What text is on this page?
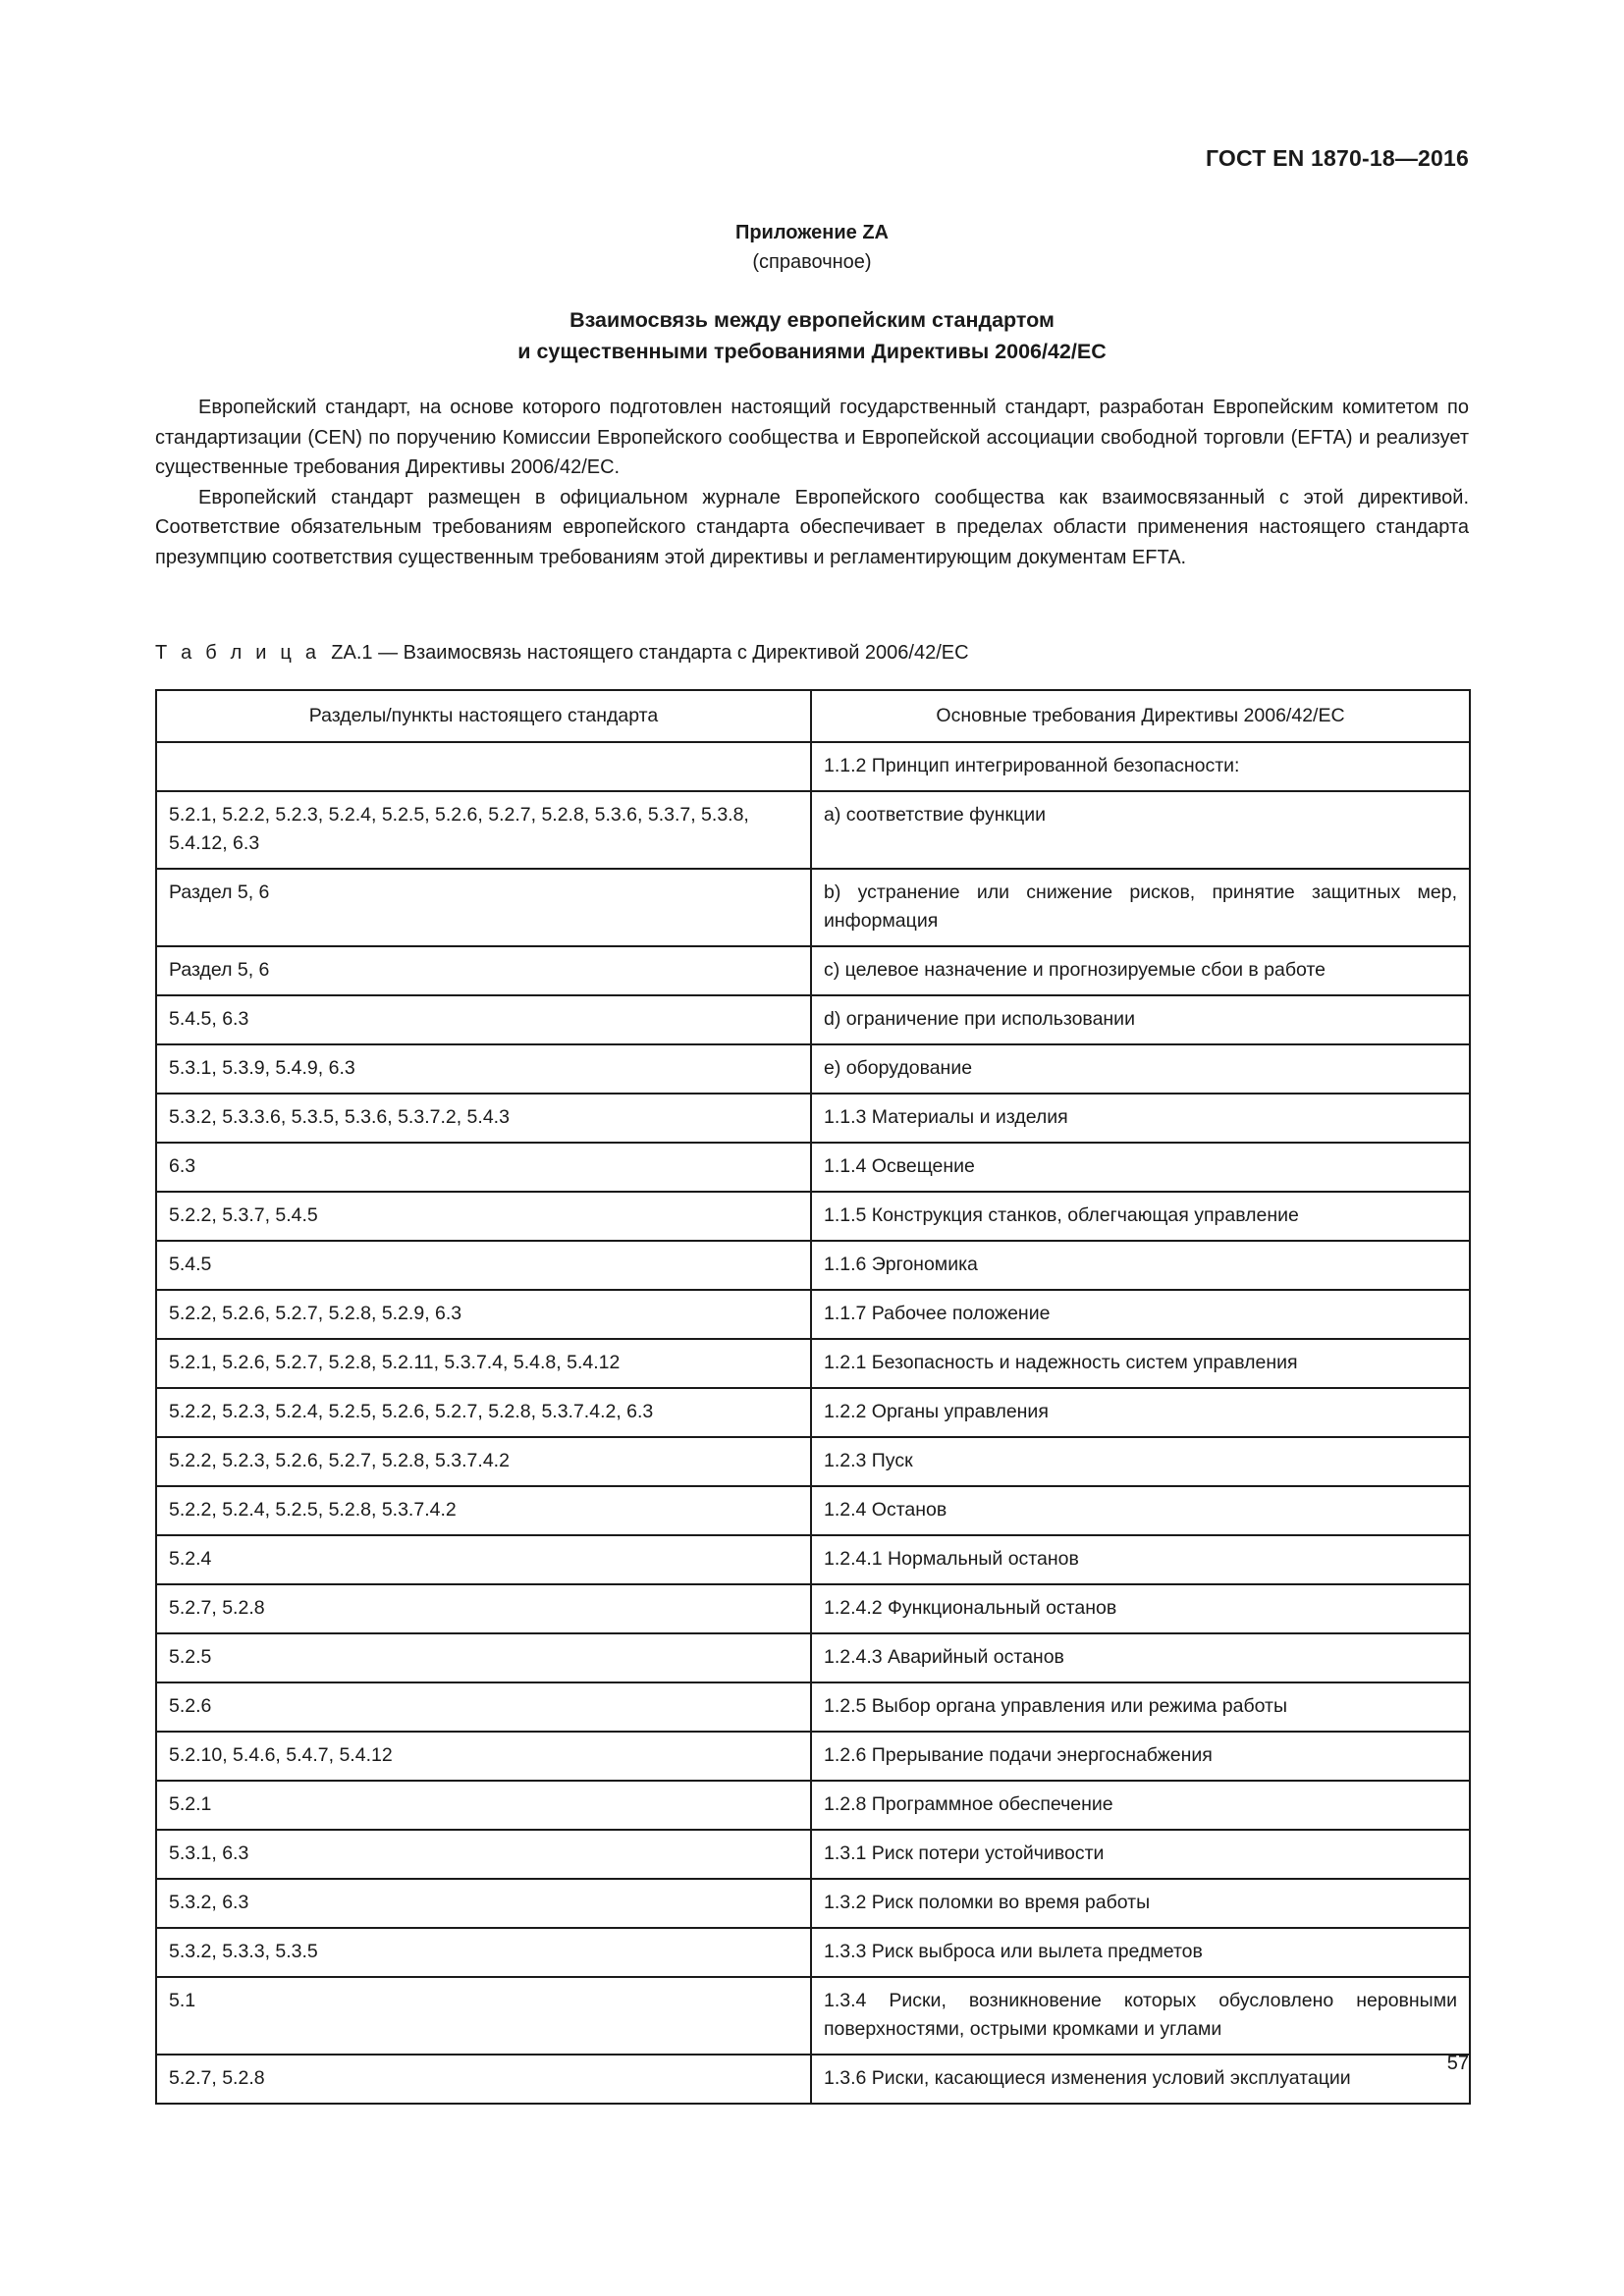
ГОСТ EN 1870-18—2016
Приложение ZA
(справочное)
Взаимосвязь между европейским стандартом
и существенными требованиями Директивы 2006/42/ЕС

Европейский стандарт, на основе которого подготовлен настоящий государственный стандарт, разработан Европейским комитетом по стандартизации (CEN) по поручению Комиссии Европейского сообщества и Европейской ассоциации свободной торговли (EFTA) и реализует существенные требования Директивы 2006/42/ЕС.

Европейский стандарт размещен в официальном журнале Европейского сообщества как взаимосвязанный с этой директивой. Соответствие обязательным требованиям европейского стандарта обеспечивает в пределах области применения настоящего стандарта презумпцию соответствия существенным требованиям этой директивы и регламентирующим документам EFTA.

Т а б л и ц а ZA.1 — Взаимосвязь настоящего стандарта с Директивой 2006/42/ЕС
Разделы/пункты настоящего стандарта	Основные требования Директивы 2006/42/ЕС
	1.1.2 Принцип интегрированной безопасности:
5.2.1, 5.2.2, 5.2.3, 5.2.4, 5.2.5, 5.2.6, 5.2.7, 5.2.8, 5.3.6, 5.3.7, 5.3.8, 5.4.12, 6.3	a) соответствие функции
Раздел 5, 6	b) устранение или снижение рисков, принятие защитных мер, информация
Раздел 5, 6	c) целевое назначение и прогнозируемые сбои в работе
5.4.5, 6.3	d) ограничение при использовании
5.3.1, 5.3.9, 5.4.9, 6.3	e) оборудование
5.3.2, 5.3.3.6, 5.3.5, 5.3.6, 5.3.7.2, 5.4.3	1.1.3 Материалы и изделия
6.3	1.1.4 Освещение
5.2.2, 5.3.7, 5.4.5	1.1.5 Конструкция станков, облегчающая управление
5.4.5	1.1.6 Эргономика
5.2.2, 5.2.6, 5.2.7, 5.2.8, 5.2.9, 6.3	1.1.7 Рабочее положение
5.2.1, 5.2.6, 5.2.7, 5.2.8, 5.2.11, 5.3.7.4, 5.4.8, 5.4.12	1.2.1 Безопасность и надежность систем управления
5.2.2, 5.2.3, 5.2.4, 5.2.5, 5.2.6, 5.2.7, 5.2.8, 5.3.7.4.2, 6.3	1.2.2 Органы управления
5.2.2, 5.2.3, 5.2.6, 5.2.7, 5.2.8, 5.3.7.4.2	1.2.3 Пуск
5.2.2, 5.2.4, 5.2.5, 5.2.8, 5.3.7.4.2	1.2.4 Останов
5.2.4	1.2.4.1 Нормальный останов
5.2.7, 5.2.8	1.2.4.2 Функциональный останов
5.2.5	1.2.4.3 Аварийный останов
5.2.6	1.2.5 Выбор органа управления или режима работы
5.2.10, 5.4.6, 5.4.7, 5.4.12	1.2.6 Прерывание подачи энергоснабжения
5.2.1	1.2.8 Программное обеспечение
5.3.1, 6.3	1.3.1 Риск потери устойчивости
5.3.2, 6.3	1.3.2 Риск поломки во время работы
5.3.2, 5.3.3, 5.3.5	1.3.3 Риск выброса или вылета предметов
5.1	1.3.4 Риски, возникновение которых обусловлено неровными поверхностями, острыми кромками и углами
5.2.7, 5.2.8	1.3.6 Риски, касающиеся изменения условий эксплуатации
57
